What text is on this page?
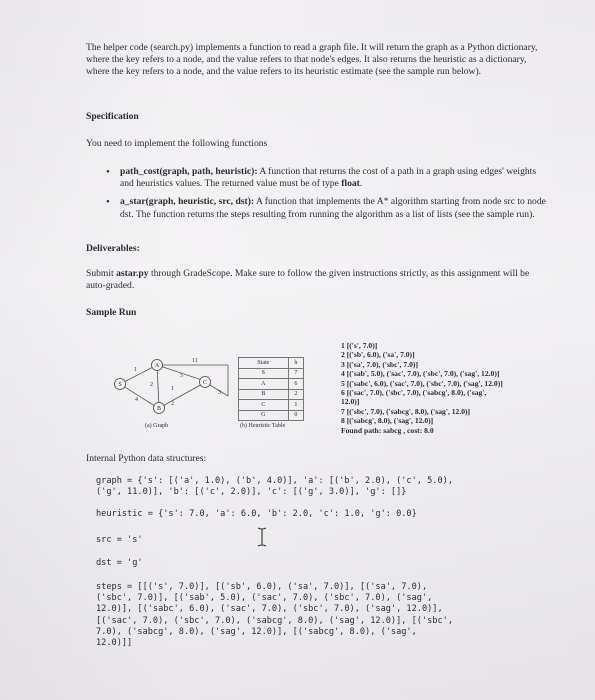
The helper code (search.py) implements a function to read a graph file. It will return the graph as a Python dictionary, where the key refers to a node, and the value refers to that node's edges. It also returns the heuristic as a dictionary, where the key refers to a node, and the value refers to its heuristic estimate (see the sample run below).
Specification
You need to implement the following functions
• path_cost(graph, path, heuristic): A function that returns the cost of a path in a graph using edges' weights and heuristics values. The returned value must be of type float.
• a_star(graph, heuristic, src, dst): A function that implements the A* algorithm starting from node src to node dst. The function returns the steps resulting from running the algorithm as a list of lists (see the sample run).
Deliverables:
Submit astar.py through GradeScope. Make sure to follow the given instructions strictly, as this assignment will be auto-graded.
Sample Run
1
11
2
4
5
1
2
3
S
A
B
C
(a) Graph
State	h
S	7
A	6
B	2
C	1
G	0
(b) Heuristic Table
1 [('s', 7.0)]
2 [('sb', 6.0), ('sa', 7.0)]
3 [('sa', 7.0), ('sbc', 7.0)]
4 [('sab', 5.0), ('sac', 7.0), ('sbc', 7.0), ('sag', 12.0)]
5 [('sabc', 6.0), ('sac', 7.0), ('sbc', 7.0), ('sag', 12.0)]
6 [('sac', 7.0), ('sbc', 7.0), ('sabcg', 8.0), ('sag',
12.0)]
7 [('sbc', 7.0), ('sabcg', 8.0), ('sag', 12.0)]
8 [('sabcg', 8.0), ('sag', 12.0)]
Found path: sabcg , cost: 8.0
Internal Python data structures:
graph = {'s': [('a', 1.0), ('b', 4.0)], 'a': [('b', 2.0), ('c', 5.0),
('g', 11.0)], 'b': [('c', 2.0)], 'c': [('g', 3.0)], 'g': []}
heuristic = {'s': 7.0, 'a': 6.0, 'b': 2.0, 'c': 1.0, 'g': 0.0}
src = 's'
dst = 'g'
steps = [[('s', 7.0)], [('sb', 6.0), ('sa', 7.0)], [('sa', 7.0),
('sbc', 7.0)], [('sab', 5.0), ('sac', 7.0), ('sbc', 7.0), ('sag',
12.0)], [('sabc', 6.0), ('sac', 7.0), ('sbc', 7.0), ('sag', 12.0)],
[('sac', 7.0), ('sbc', 7.0), ('sabcg', 8.0), ('sag', 12.0)], [('sbc',
7.0), ('sabcg', 8.0), ('sag', 12.0)], [('sabcg', 8.0), ('sag',
12.0)]]
